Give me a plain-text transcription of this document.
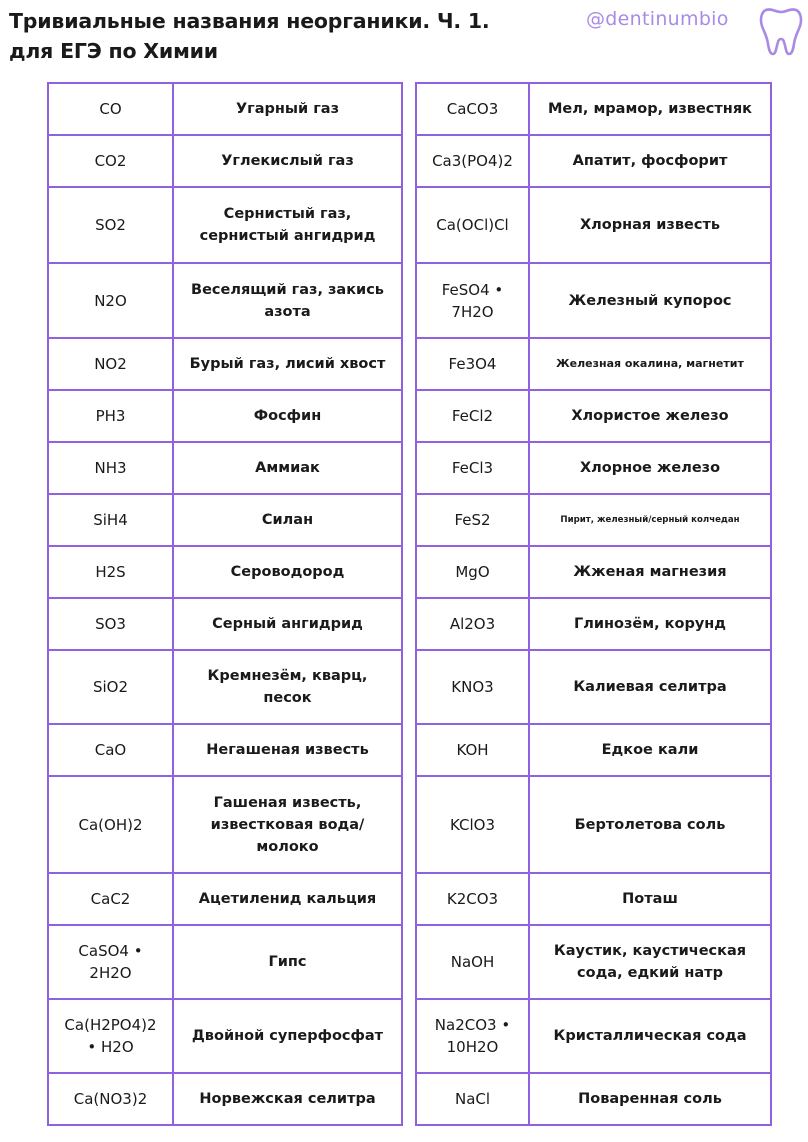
Тривиальные названия неорганики. Ч. 1.
для ЕГЭ по Химии
@dentinumbio
CO	Угарный газ
CO2	Углекислый газ
SO2	Сернистый газ,
сернистый ангидрид
N2O	Веселящий газ, закись
азота
NO2	Бурый газ, лисий хвост
PH3	Фосфин
NH3	Аммиак
SiH4	Силан
H2S	Сероводород
SO3	Серный ангидрид
SiO2	Кремнезём, кварц,
песок
CaO	Негашеная известь
Ca(OH)2	Гашеная известь,
известковая вода/
молоко
CaC2	Ацетиленид кальция
CaSO4 •
2H2O	Гипс
Ca(H2PO4)2
• H2O	Двойной суперфосфат
Ca(NO3)2	Норвежская селитра
CaCO3	Мел, мрамор, известняк
Ca3(PO4)2	Апатит, фосфорит
Ca(OCl)Cl	Хлорная известь
FeSO4 •
7H2O	Железный купорос
Fe3O4	Железная окалина, магнетит
FeCl2	Хлористое железо
FeCl3	Хлорное железо
FeS2	Пирит, железный/серный колчедан
MgO	Жженая магнезия
Al2O3	Глинозём, корунд
KNO3	Калиевая селитра
KOH	Едкое кали
KClO3	Бертолетова соль
K2CO3	Поташ
NaOH	Каустик, каустическая
сода, едкий натр
Na2CO3 •
10H2O	Кристаллическая сода
NaCl	Поваренная соль
